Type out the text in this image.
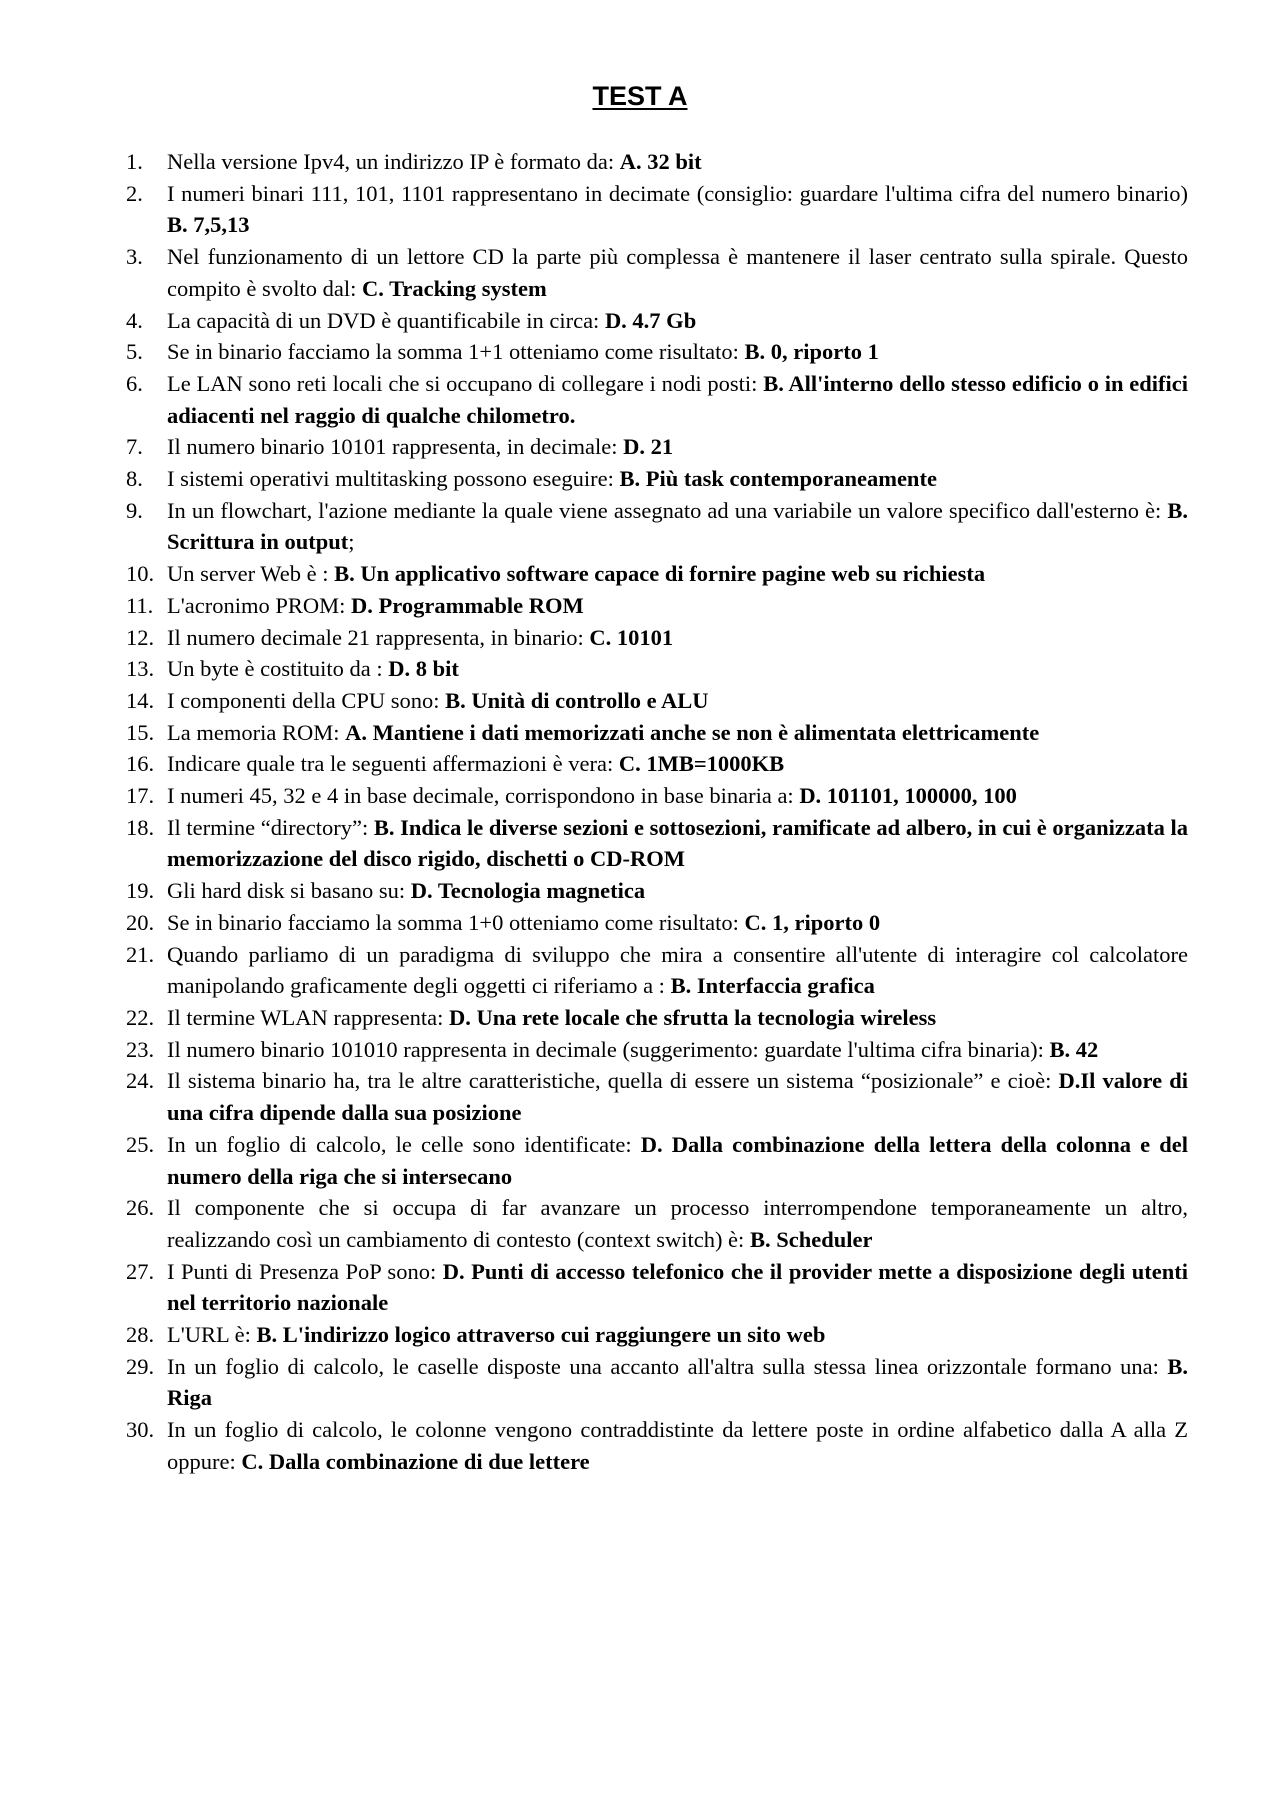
TEST A
1. Nella versione Ipv4, un indirizzo IP è formato da: A. 32 bit
2. I numeri binari 111, 101, 1101 rappresentano in decimate (consiglio: guardare l'ultima cifra del numero binario) B. 7,5,13
3. Nel funzionamento di un lettore CD la parte più complessa è mantenere il laser centrato sulla spirale. Questo compito è svolto dal: C. Tracking system
4. La capacità di un DVD è quantificabile in circa: D. 4.7 Gb
5. Se in binario facciamo la somma 1+1 otteniamo come risultato: B. 0, riporto 1
6. Le LAN sono reti locali che si occupano di collegare i nodi posti: B. All'interno dello stesso edificio o in edifici adiacenti nel raggio di qualche chilometro.
7. Il numero binario 10101 rappresenta, in decimale: D. 21
8. I sistemi operativi multitasking possono eseguire: B. Più task contemporaneamente
9. In un flowchart, l'azione mediante la quale viene assegnato ad una variabile un valore specifico dall'esterno è: B. Scrittura in output;
10. Un server Web è : B. Un applicativo software capace di fornire pagine web su richiesta
11. L'acronimo PROM: D. Programmable ROM
12. Il numero decimale 21 rappresenta, in binario: C. 10101
13. Un byte è costituito da : D. 8 bit
14. I componenti della CPU sono: B. Unità di controllo e ALU
15. La memoria ROM: A. Mantiene i dati memorizzati anche se non è alimentata elettricamente
16. Indicare quale tra le seguenti affermazioni è vera: C. 1MB=1000KB
17. I numeri 45, 32 e 4 in base decimale, corrispondono in base binaria a: D. 101101, 100000, 100
18. Il termine “directory”: B. Indica le diverse sezioni e sottosezioni, ramificate ad albero, in cui è organizzata la memorizzazione del disco rigido, dischetti o CD-ROM
19. Gli hard disk si basano su: D. Tecnologia magnetica
20. Se in binario facciamo la somma 1+0 otteniamo come risultato: C. 1, riporto 0
21. Quando parliamo di un paradigma di sviluppo che mira a consentire all'utente di interagire col calcolatore manipolando graficamente degli oggetti ci riferiamo a : B. Interfaccia grafica
22. Il termine WLAN rappresenta: D. Una rete locale che sfrutta la tecnologia wireless
23. Il numero binario 101010 rappresenta in decimale (suggerimento: guardate l'ultima cifra binaria): B. 42
24. Il sistema binario ha, tra le altre caratteristiche, quella di essere un sistema “posizionale” e cioè: D.Il valore di una cifra dipende dalla sua posizione
25. In un foglio di calcolo, le celle sono identificate: D. Dalla combinazione della lettera della colonna e del numero della riga che si intersecano
26. Il componente che si occupa di far avanzare un processo interrompendone temporaneamente un altro, realizzando così un cambiamento di contesto (context switch) è: B. Scheduler
27. I Punti di Presenza PoP sono: D. Punti di accesso telefonico che il provider mette a disposizione degli utenti nel territorio nazionale
28. L'URL è: B. L'indirizzo logico attraverso cui raggiungere un sito web
29. In un foglio di calcolo, le caselle disposte una accanto all'altra sulla stessa linea orizzontale formano una: B. Riga
30. In un foglio di calcolo, le colonne vengono contraddistinte da lettere poste in ordine alfabetico dalla A alla Z oppure: C. Dalla combinazione di due lettere
